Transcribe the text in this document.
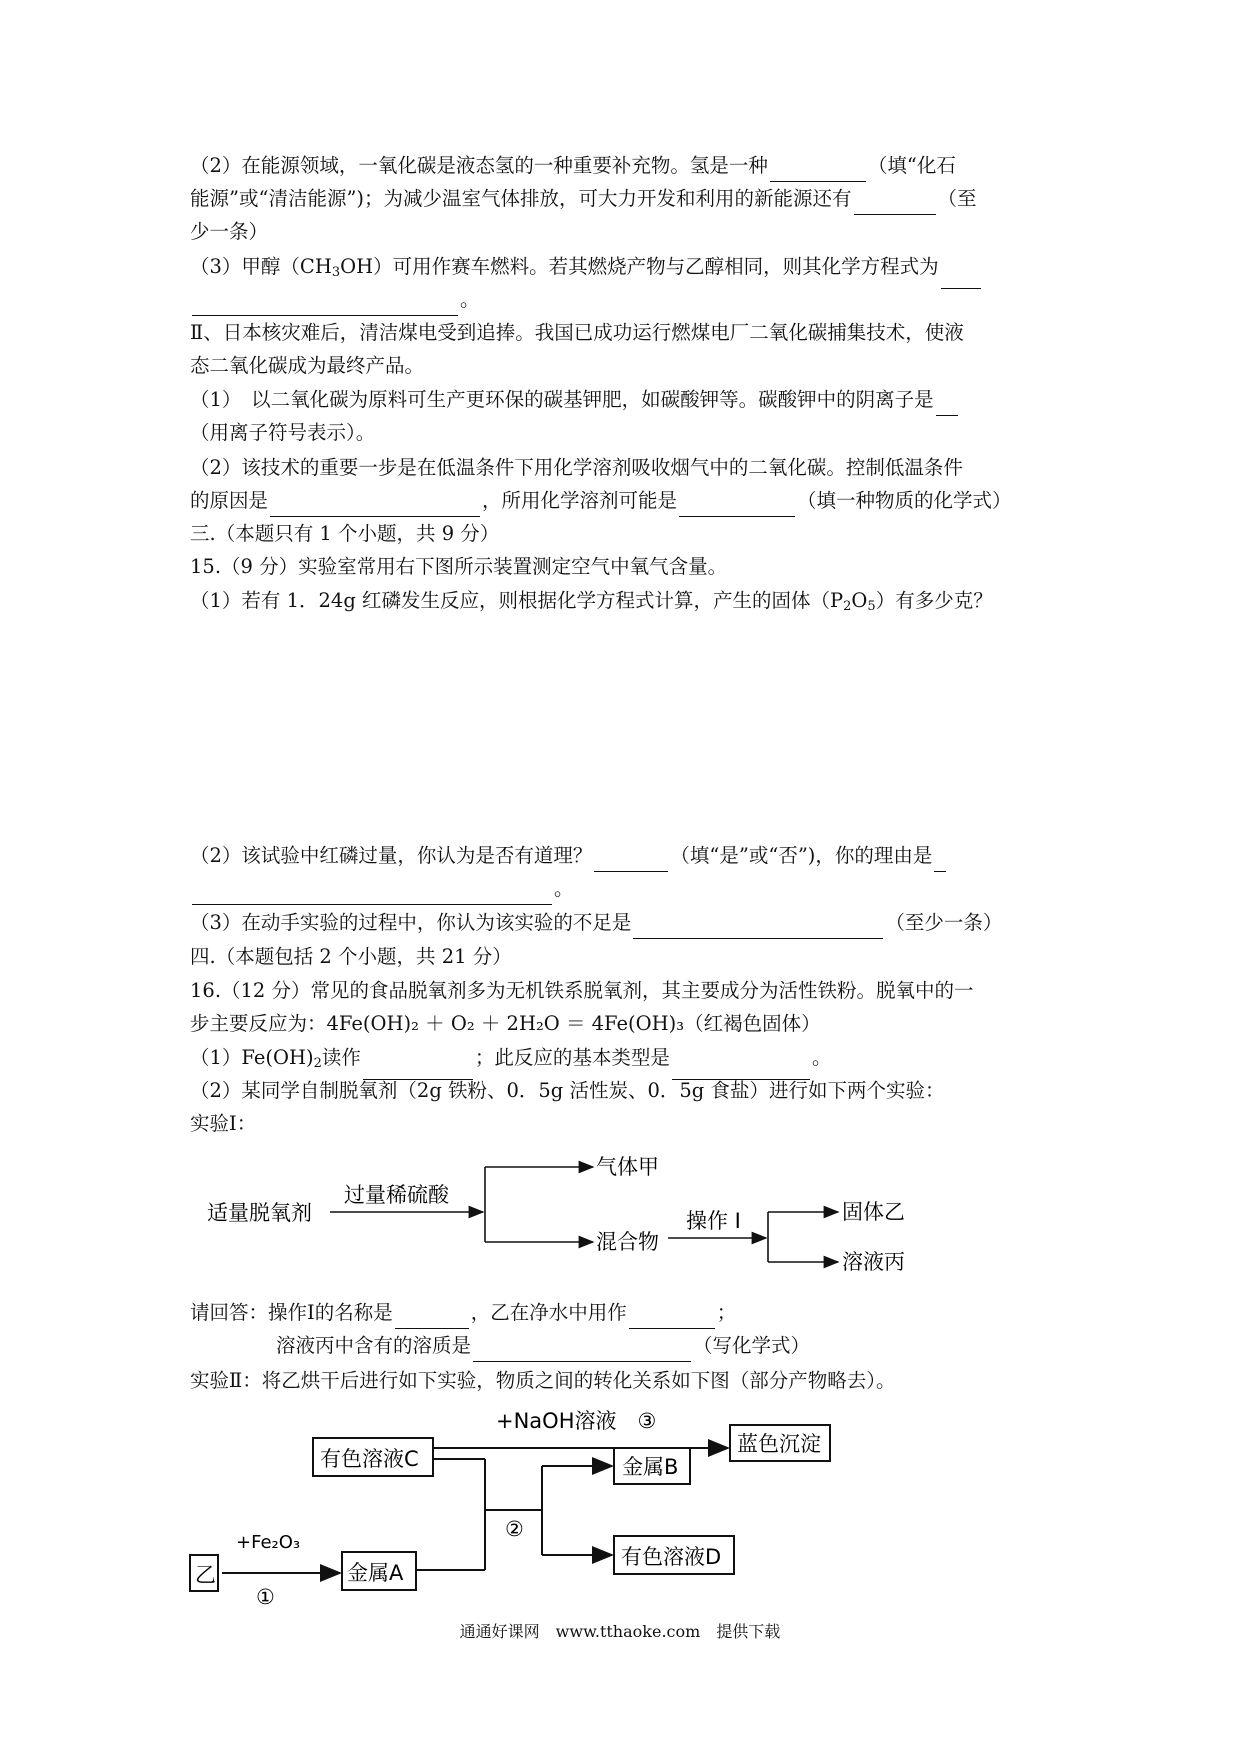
（2）在能源领域，一氧化碳是液态氢的一种重要补充物。氢是一种	（填“化石
能源”或“清洁能源”)；为减少温室气体排放，可大力开发和利用的新能源还有	（至
少一条）
（3）甲醇$(CH_3OH)$可用作赛车燃料。若其燃烧产物与乙醇相同，则其化学方程式为
。
Ⅱ、日本核灾难后，清洁煤电受到追捧。我国已成功运行燃煤电厂二氧化碳捕集技术，使液
态二氧化碳成为最终产品。
（1）　以二氧化碳为原料可生产更环保的碳基钾肥，如碳酸钾等。碳酸钾中的阴离子是
（用离子符号表示）。
（2）该技术的重要一步是在低温条件下用化学溶剂吸收烟气中的二氧化碳。控制低温条件
的原因是	，所用化学溶剂可能是	（填一种物质的化学式）
三.（本题只有 1 个小题，共 9 分）
15.（9 分）实验室常用右下图所示装置测定空气中氧气含量。
（1）若有 1．24g 红磷发生反应，则根据化学方程式计算，产生的固体$(P_2O_5)$有多少克？
（2）该试验中红磷过量，你认为是否有道理？	（填“是”或“否”)，你的理由是
。
（3）在动手实验的过程中，你认为该实验的不足是	（至少一条）
四.（本题包括 2 个小题，共 21 分）
16.（12 分）常见的食品脱氧剂多为无机铁系脱氧剂，其主要成分为活性铁粉。脱氧中的一
步主要反应为：4Fe(OH)₂ ＋ O₂ ＋ 2H₂O ＝ 4Fe(OH)₃（红褐色固体）
$(1)Fe(OH)_2$读作	；此反应的基本类型是	。
（2）某同学自制脱氧剂（2g 铁粉、0．5g 活性炭、0．5g 食盐）进行如下两个实验：
实验Ⅰ：
适量脱氧剂
过量稀硫酸
气体甲
混合物
操作 I	固体乙
溶液丙
请回答：操作Ⅰ的名称是	，乙在净水中用作	；
溶液丙中含有的溶质是	（写化学式）
实验Ⅱ：将乙烘干后进行如下实验，物质之间的转化关系如下图（部分产物略去）。
乙
+Fe₂O₃
①
金属A
有色溶液C
+NaOH溶液　③
蓝色沉淀
②
金属B
有色溶液D
通通好课网　www.tthaoke.com　提供下载
